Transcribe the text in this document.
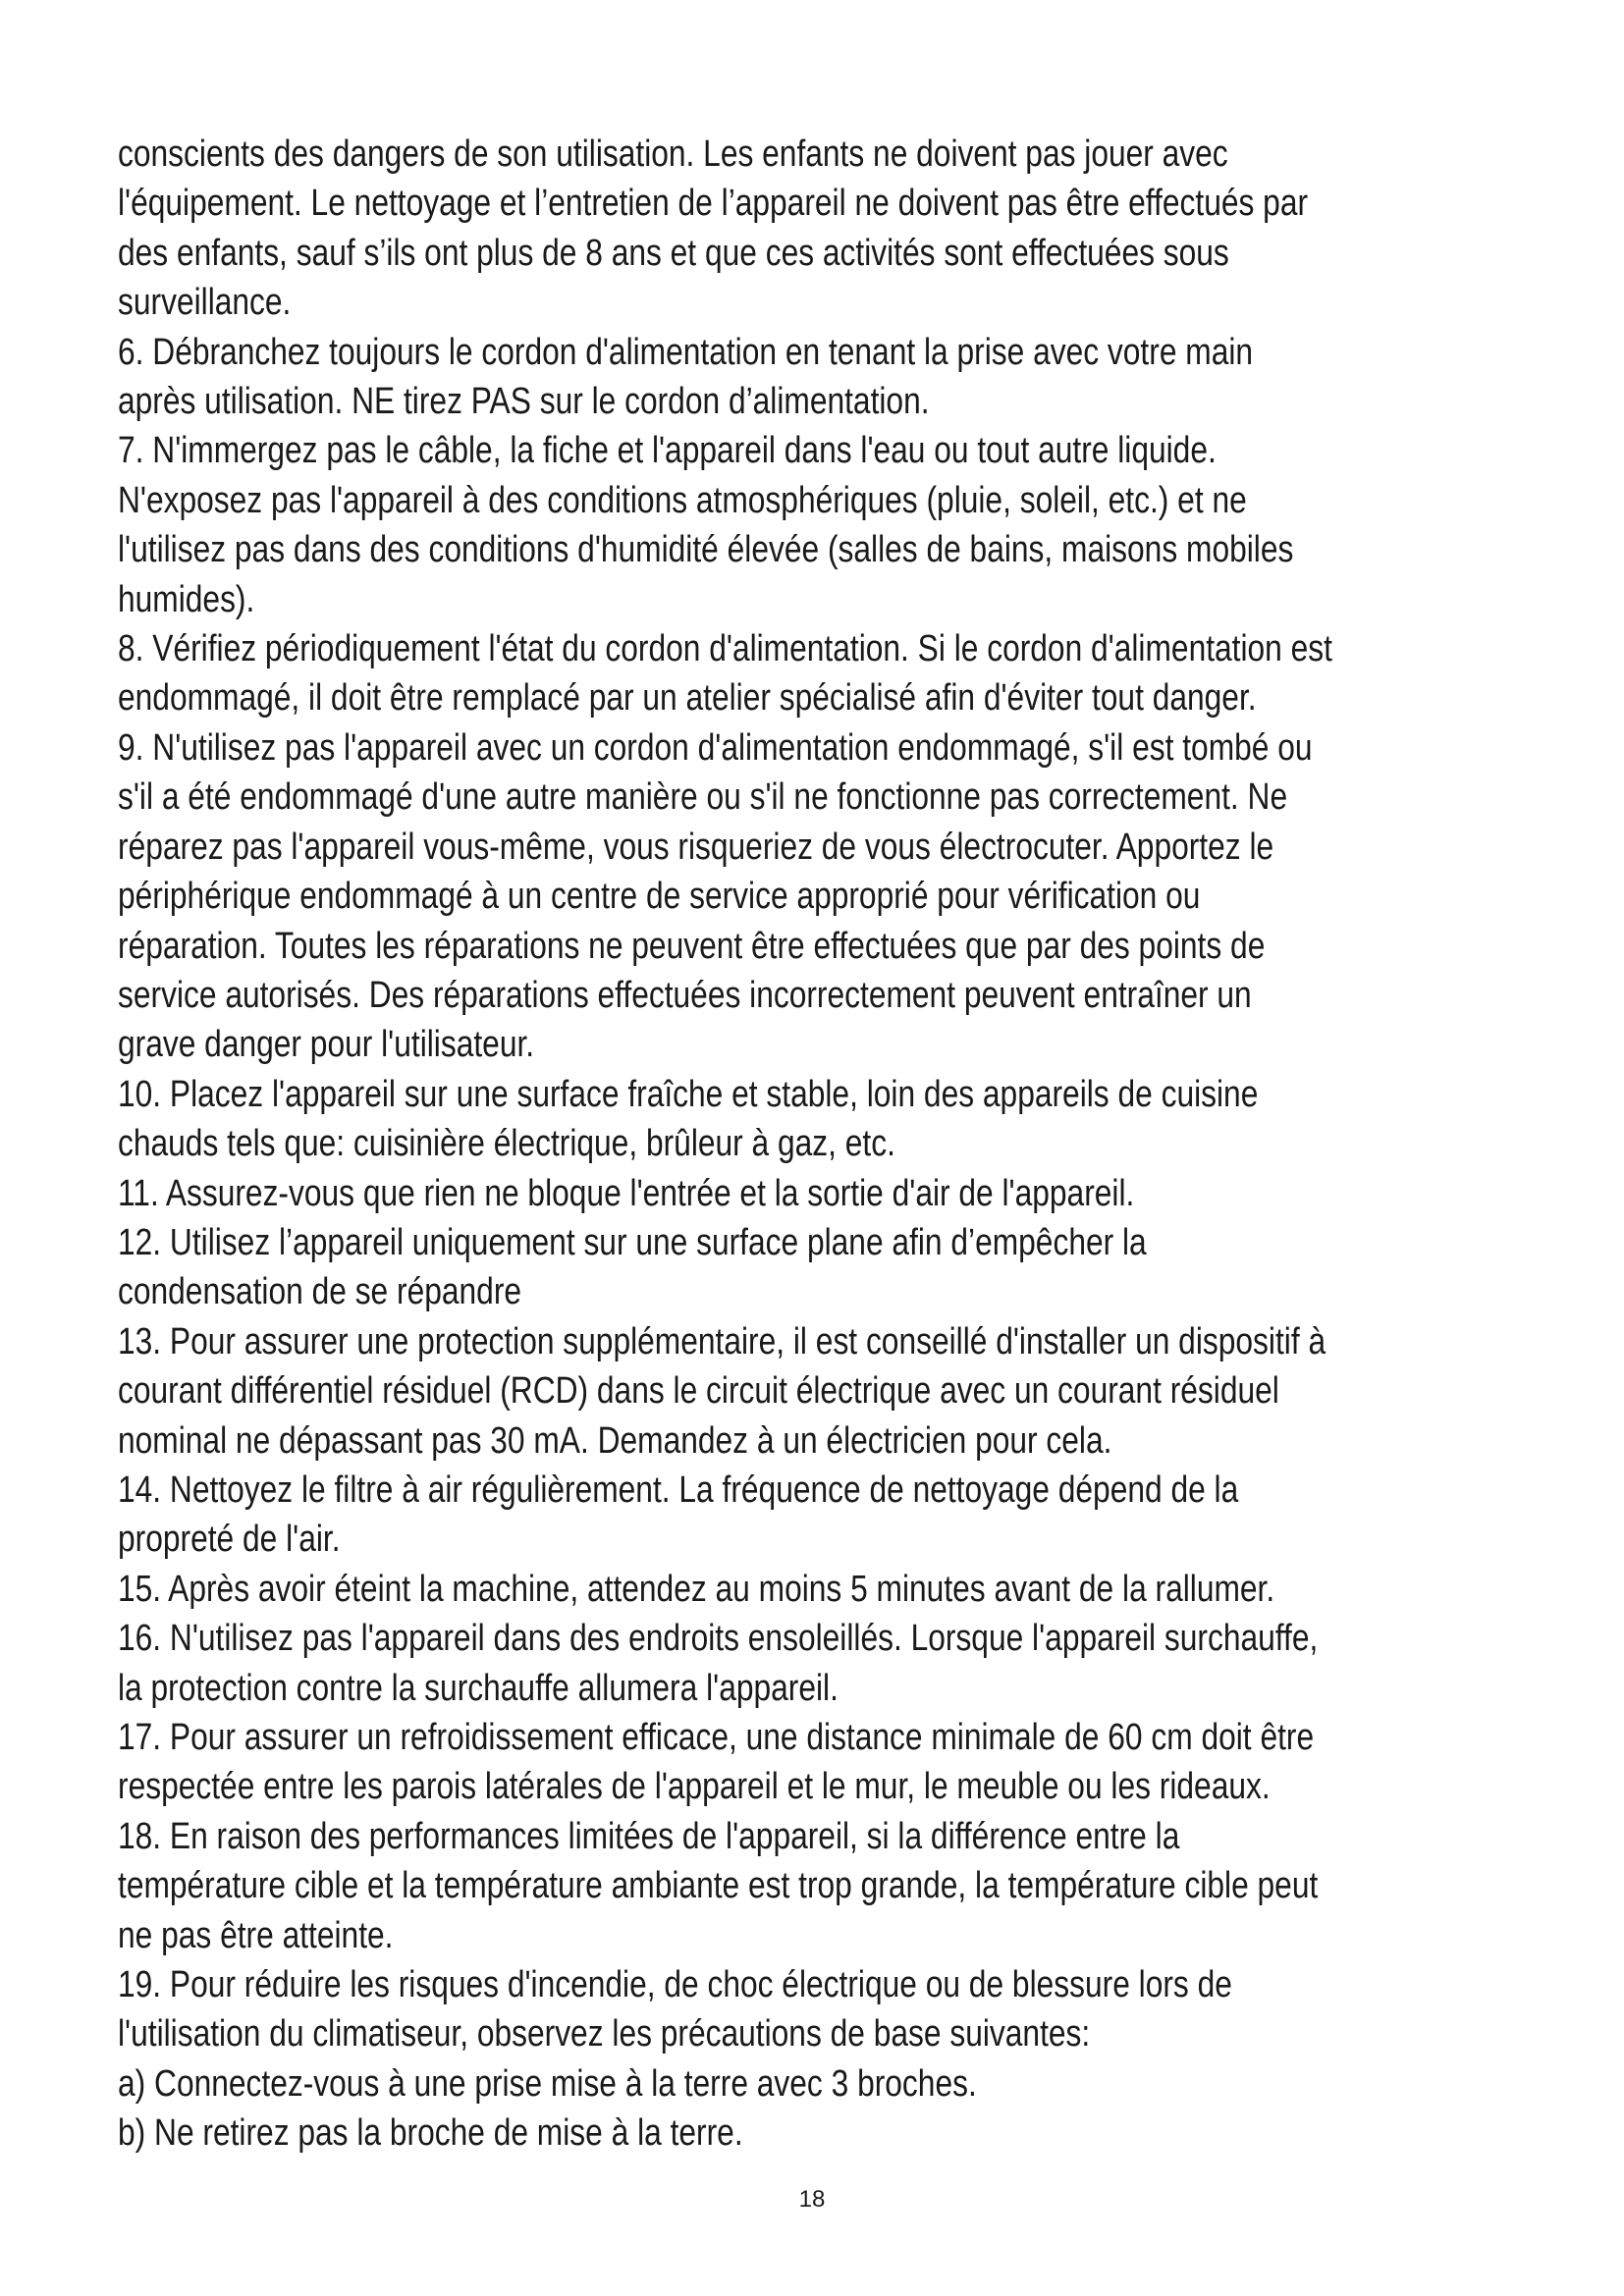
conscients des dangers de son utilisation. Les enfants ne doivent pas jouer avec
l'équipement. Le nettoyage et l’entretien de l’appareil ne doivent pas être effectués par
des enfants, sauf s’ils ont plus de 8 ans et que ces activités sont effectuées sous
surveillance.
6. Débranchez toujours le cordon d'alimentation en tenant la prise avec votre main
après utilisation. NE tirez PAS sur le cordon d’alimentation.
7. N'immergez pas le câble, la fiche et l'appareil dans l'eau ou tout autre liquide.
N'exposez pas l'appareil à des conditions atmosphériques (pluie, soleil, etc.) et ne
l'utilisez pas dans des conditions d'humidité élevée (salles de bains, maisons mobiles
humides).
8. Vérifiez périodiquement l'état du cordon d'alimentation. Si le cordon d'alimentation est
endommagé, il doit être remplacé par un atelier spécialisé afin d'éviter tout danger.
9. N'utilisez pas l'appareil avec un cordon d'alimentation endommagé, s'il est tombé ou
s'il a été endommagé d'une autre manière ou s'il ne fonctionne pas correctement. Ne
réparez pas l'appareil vous-même, vous risqueriez de vous électrocuter. Apportez le
périphérique endommagé à un centre de service approprié pour vérification ou
réparation. Toutes les réparations ne peuvent être effectuées que par des points de
service autorisés. Des réparations effectuées incorrectement peuvent entraîner un
grave danger pour l'utilisateur.
10. Placez l'appareil sur une surface fraîche et stable, loin des appareils de cuisine
chauds tels que: cuisinière électrique, brûleur à gaz, etc.
11. Assurez-vous que rien ne bloque l'entrée et la sortie d'air de l'appareil.
12. Utilisez l’appareil uniquement sur une surface plane afin d’empêcher la
condensation de se répandre
13. Pour assurer une protection supplémentaire, il est conseillé d'installer un dispositif à
courant différentiel résiduel (RCD) dans le circuit électrique avec un courant résiduel
nominal ne dépassant pas 30 mA. Demandez à un électricien pour cela.
14. Nettoyez le filtre à air régulièrement. La fréquence de nettoyage dépend de la
propreté de l'air.
15. Après avoir éteint la machine, attendez au moins 5 minutes avant de la rallumer.
16. N'utilisez pas l'appareil dans des endroits ensoleillés. Lorsque l'appareil surchauffe,
la protection contre la surchauffe allumera l'appareil.
17. Pour assurer un refroidissement efficace, une distance minimale de 60 cm doit être
respectée entre les parois latérales de l'appareil et le mur, le meuble ou les rideaux.
18. En raison des performances limitées de l'appareil, si la différence entre la
température cible et la température ambiante est trop grande, la température cible peut
ne pas être atteinte.
19. Pour réduire les risques d'incendie, de choc électrique ou de blessure lors de
l'utilisation du climatiseur, observez les précautions de base suivantes:
a) Connectez-vous à une prise mise à la terre avec 3 broches.
b) Ne retirez pas la broche de mise à la terre.
18
